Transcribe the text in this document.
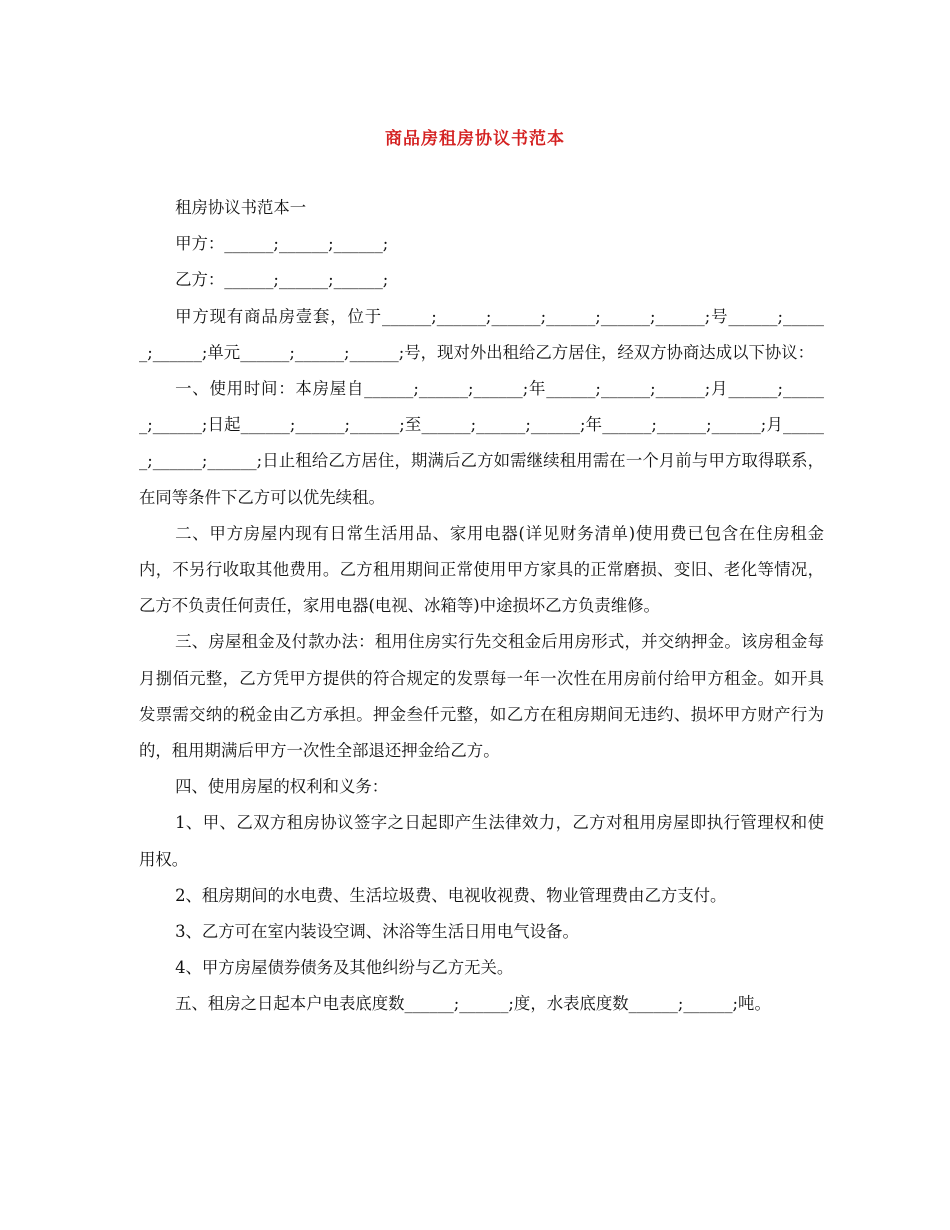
商品房租房协议书范本

租房协议书范本一

甲方：______;______;______;

乙方：______;______;______;

甲方现有商品房壹套，位于______;______;______;______;______;______;号______;______;______;单元______;______;______;号，现对外出租给乙方居住，经双方协商达成以下协议：

一、使用时间：本房屋自______;______;______;年______;______;______;月______;______;______;日起______;______;______;至______;______;______;年______;______;______;月______;______;______;日止租给乙方居住，期满后乙方如需继续租用需在一个月前与甲方取得联系，在同等条件下乙方可以优先续租。

二、甲方房屋内现有日常生活用品、家用电器(详见财务清单)使用费已包含在住房租金内，不另行收取其他费用。乙方租用期间正常使用甲方家具的正常磨损、变旧、老化等情况，乙方不负责任何责任，家用电器(电视、冰箱等)中途损坏乙方负责维修。

三、房屋租金及付款办法：租用住房实行先交租金后用房形式，并交纳押金。该房租金每月捌佰元整，乙方凭甲方提供的符合规定的发票每一年一次性在用房前付给甲方租金。如开具发票需交纳的税金由乙方承担。押金叁仟元整，如乙方在租房期间无违约、损坏甲方财产行为的，租用期满后甲方一次性全部退还押金给乙方。

四、使用房屋的权利和义务：

1、甲、乙双方租房协议签字之日起即产生法律效力，乙方对租用房屋即执行管理权和使用权。

2、租房期间的水电费、生活垃圾费、电视收视费、物业管理费由乙方支付。

3、乙方可在室内装设空调、沐浴等生活日用电气设备。

4、甲方房屋债券债务及其他纠纷与乙方无关。

五、租房之日起本户电表底度数______;______;度，水表底度数______;______;吨。
